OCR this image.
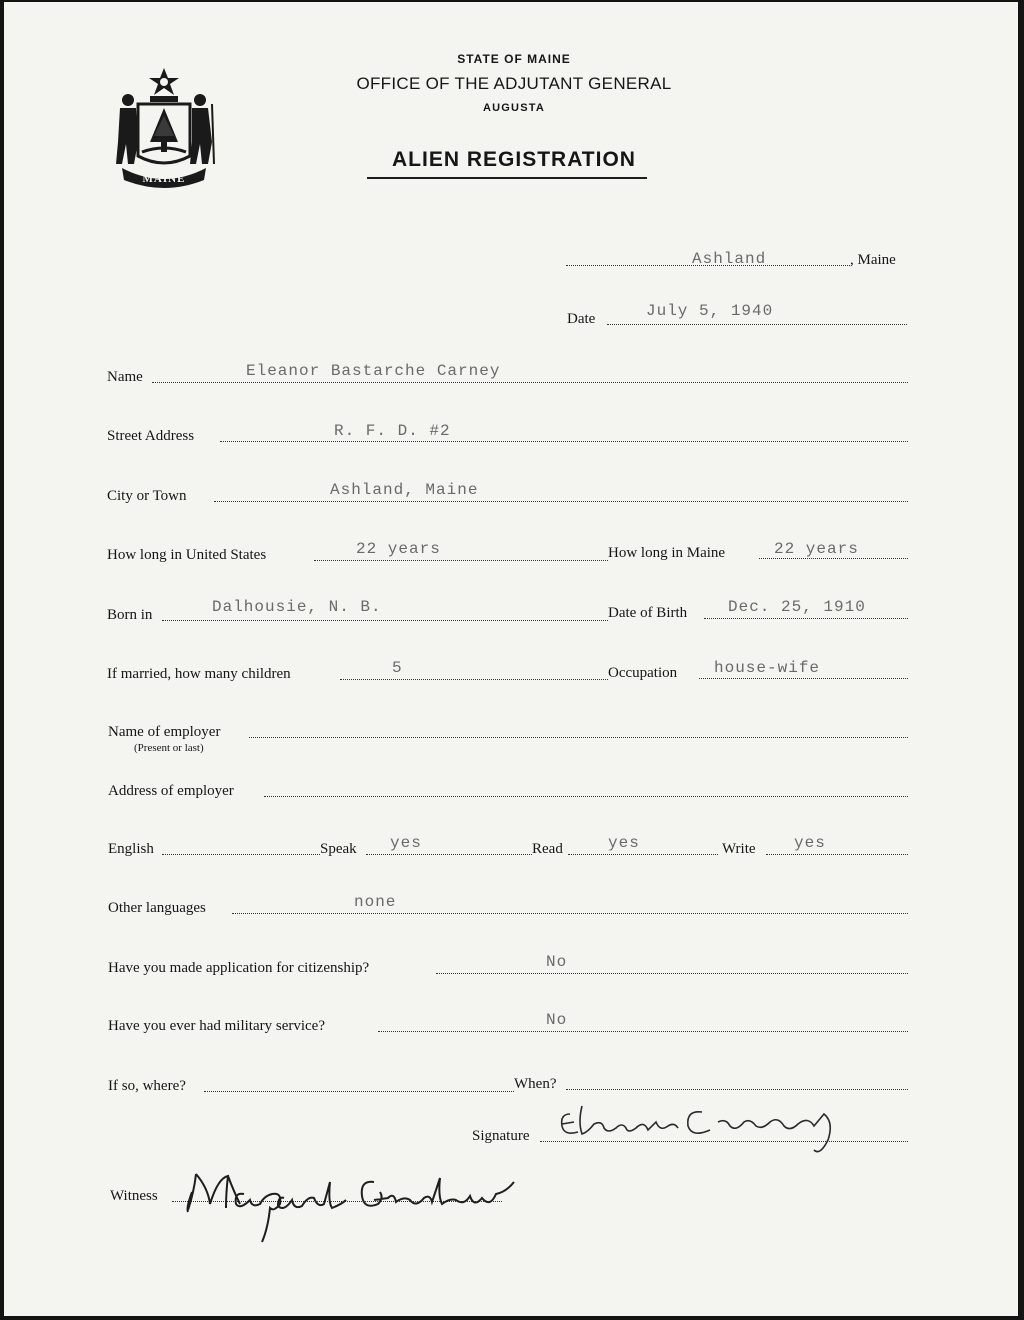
MAINE
STATE OF MAINE
OFFICE OF THE ADJUTANT GENERAL
AUGUSTA
ALIEN REGISTRATION
Ashland	, Maine
Date	July 5, 1940
Name	Eleanor Bastarche Carney
Street Address	R. F. D. #2
City or Town	Ashland, Maine
How long in United States	22 years	How long in Maine	22 years
Born in	Dalhousie, N. B.	Date of Birth	Dec. 25, 1910
If married, how many children	5	Occupation house-wife
Name of employer
(Present or last)
Address of employer
English	Speak yes	Read	yes	Write yes
Other languages	none
Have you made application for citizenship?	No
Have you ever had military service?	No
If so, where?	When?
Signature
Witness
